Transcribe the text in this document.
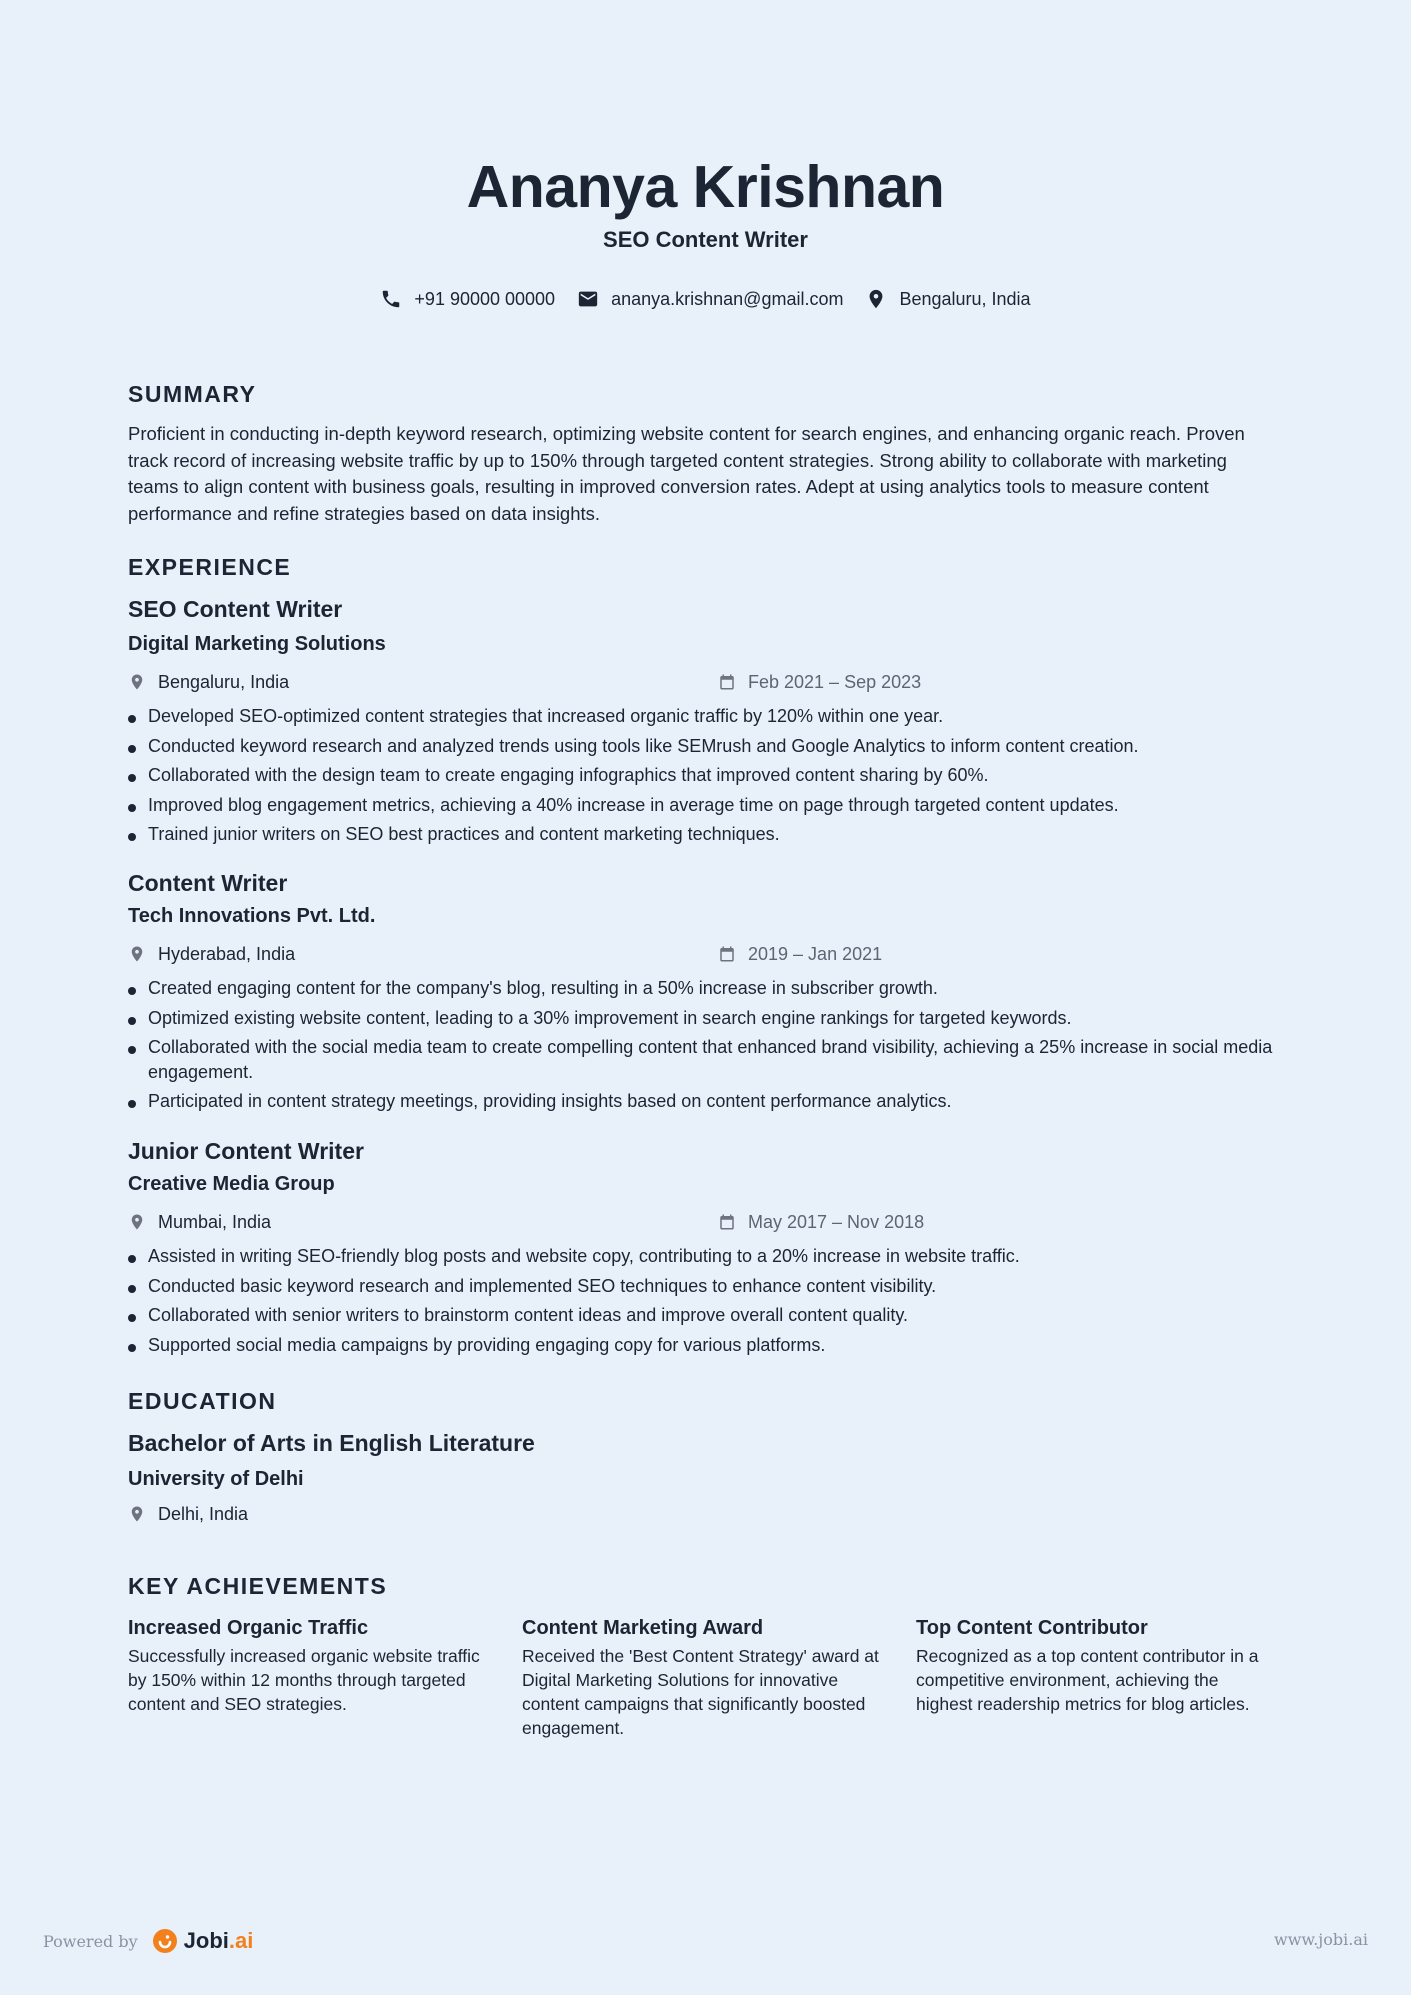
Ananya Krishnan
SEO Content Writer
+91 90000 00000	ananya.krishnan@gmail.com	Bengaluru, India
SUMMARY
Proficient in conducting in-depth keyword research, optimizing website content for search engines, and enhancing organic reach. Proven track record of increasing website traffic by up to 150% through targeted content strategies. Strong ability to collaborate with marketing teams to align content with business goals, resulting in improved conversion rates. Adept at using analytics tools to measure content performance and refine strategies based on data insights.
EXPERIENCE
SEO Content Writer
Digital Marketing Solutions
Bengaluru, India	Feb 2021 – Sep 2023
Developed SEO-optimized content strategies that increased organic traffic by 120% within one year.
Conducted keyword research and analyzed trends using tools like SEMrush and Google Analytics to inform content creation.
Collaborated with the design team to create engaging infographics that improved content sharing by 60%.
Improved blog engagement metrics, achieving a 40% increase in average time on page through targeted content updates.
Trained junior writers on SEO best practices and content marketing techniques.
Content Writer
Tech Innovations Pvt. Ltd.
Hyderabad, India	2019 – Jan 2021
Created engaging content for the company's blog, resulting in a 50% increase in subscriber growth.
Optimized existing website content, leading to a 30% improvement in search engine rankings for targeted keywords.
Collaborated with the social media team to create compelling content that enhanced brand visibility, achieving a 25% increase in social media engagement.
Participated in content strategy meetings, providing insights based on content performance analytics.
Junior Content Writer
Creative Media Group
Mumbai, India	May 2017 – Nov 2018
Assisted in writing SEO-friendly blog posts and website copy, contributing to a 20% increase in website traffic.
Conducted basic keyword research and implemented SEO techniques to enhance content visibility.
Collaborated with senior writers to brainstorm content ideas and improve overall content quality.
Supported social media campaigns by providing engaging copy for various platforms.
EDUCATION
Bachelor of Arts in English Literature
University of Delhi
Delhi, India
KEY ACHIEVEMENTS
Increased Organic Traffic
Successfully increased organic website traffic by 150% within 12 months through targeted content and SEO strategies.
Content Marketing Award
Received the 'Best Content Strategy' award at Digital Marketing Solutions for innovative content campaigns that significantly boosted engagement.
Top Content Contributor
Recognized as a top content contributor in a competitive environment, achieving the highest readership metrics for blog articles.
Powered by Jobi.ai	www.jobi.ai
